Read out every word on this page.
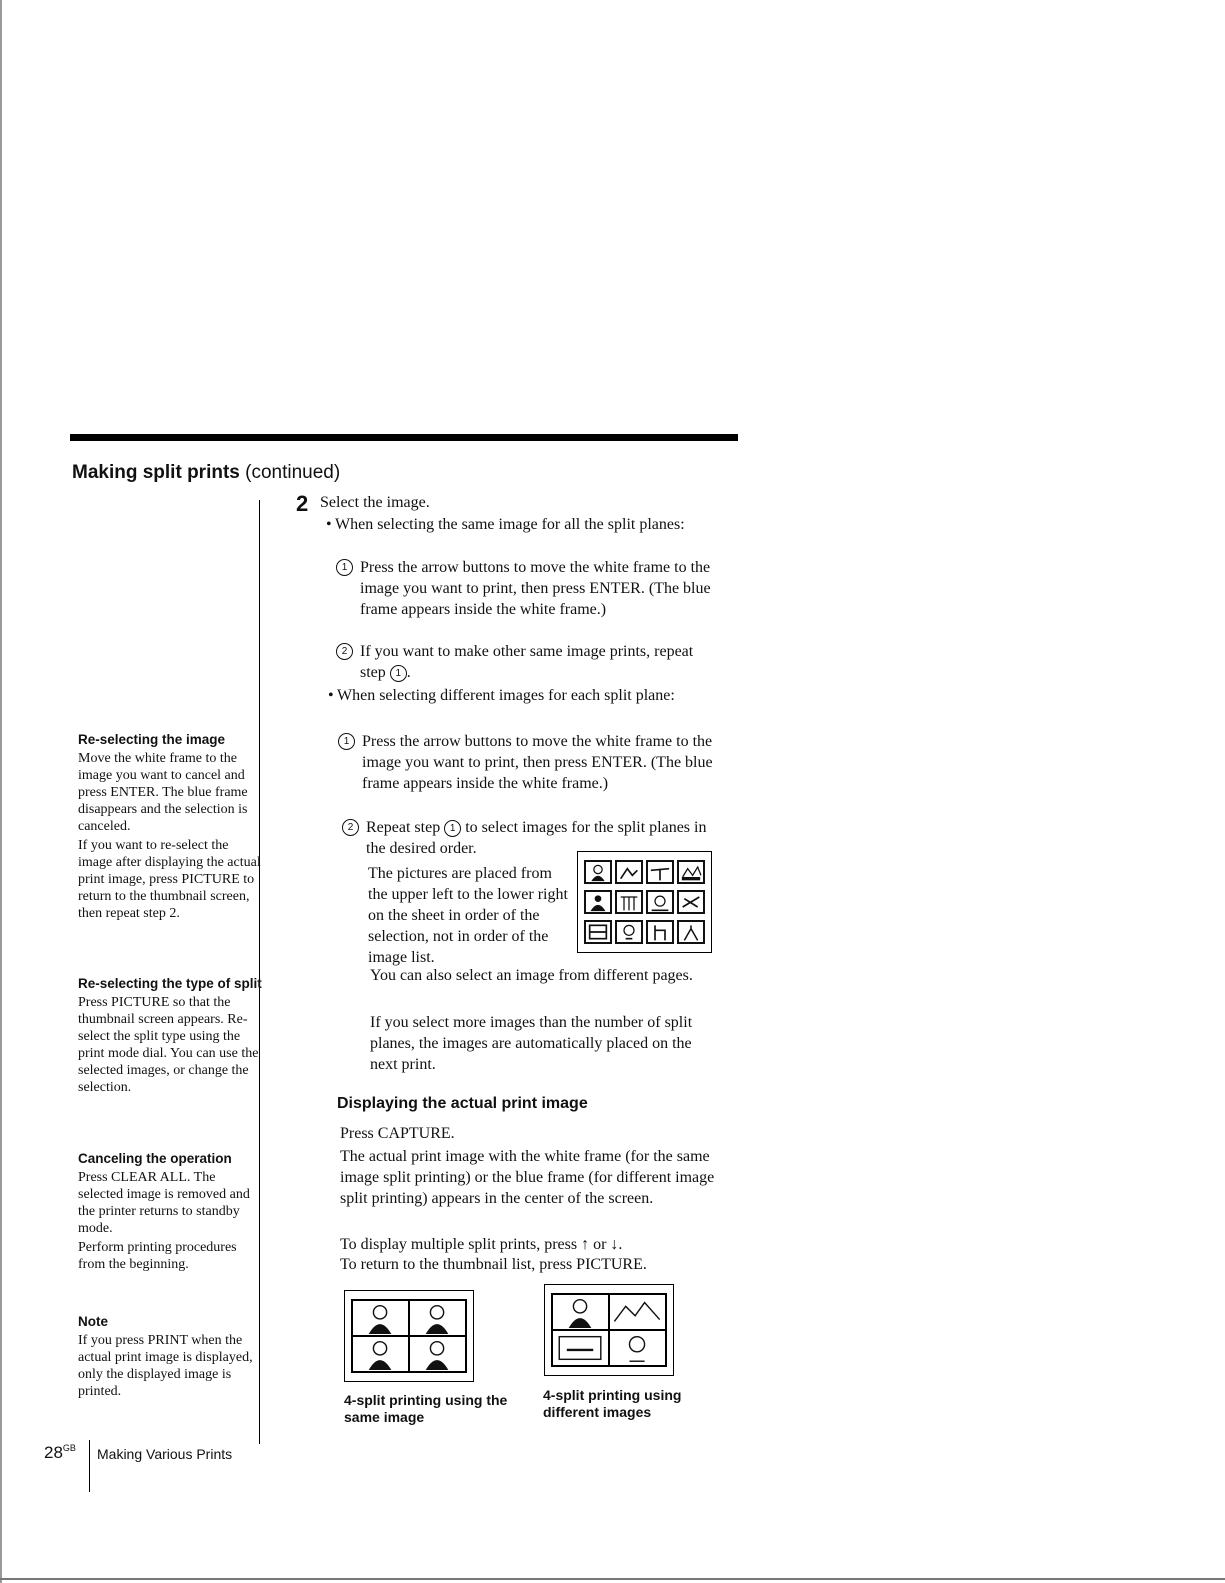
Making split prints (continued)
Re-selecting the image

Move the white frame to the image you want to cancel and press ENTER. The blue frame disappears and the selection is canceled.

If you want to re-select the image after displaying the actual print image, press PICTURE to return to the thumbnail screen, then repeat step 2.

Re-selecting the type of split

Press PICTURE so that the thumbnail screen appears. Re-select the split type using the print mode dial. You can use the selected images, or change the selection.

Canceling the operation

Press CLEAR ALL. The selected image is removed and the printer returns to standby mode.

Perform printing procedures from the beginning.

Note

If you press PRINT when the actual print image is displayed, only the displayed image is printed.

2 Select the image.
• When selecting the same image for all the split planes:
1 Press the arrow buttons to move the white frame to the image you want to print, then press ENTER. (The blue frame appears inside the white frame.)
2 If you want to make other same image prints, repeat step 1 .
• When selecting different images for each split plane:
1 Press the arrow buttons to move the white frame to the image you want to print, then press ENTER. (The blue frame appears inside the white frame.)
2 Repeat step 1 to select images for the split planes in the desired order.
The pictures are placed from the upper left to the lower right on the sheet in order of the selection, not in order of the image list.
You can also select an image from different pages.
If you select more images than the number of split planes, the images are automatically placed on the next print.
Displaying the actual print image
Press CAPTURE.
The actual print image with the white frame (for the same image split printing) or the blue frame (for different image split printing) appears in the center of the screen.
To display multiple split prints, press ↑ or ↓.
To return to the thumbnail list, press PICTURE.
4-split printing using the same image
4-split printing using different images
$28^{GB}$ Making Various Prints
